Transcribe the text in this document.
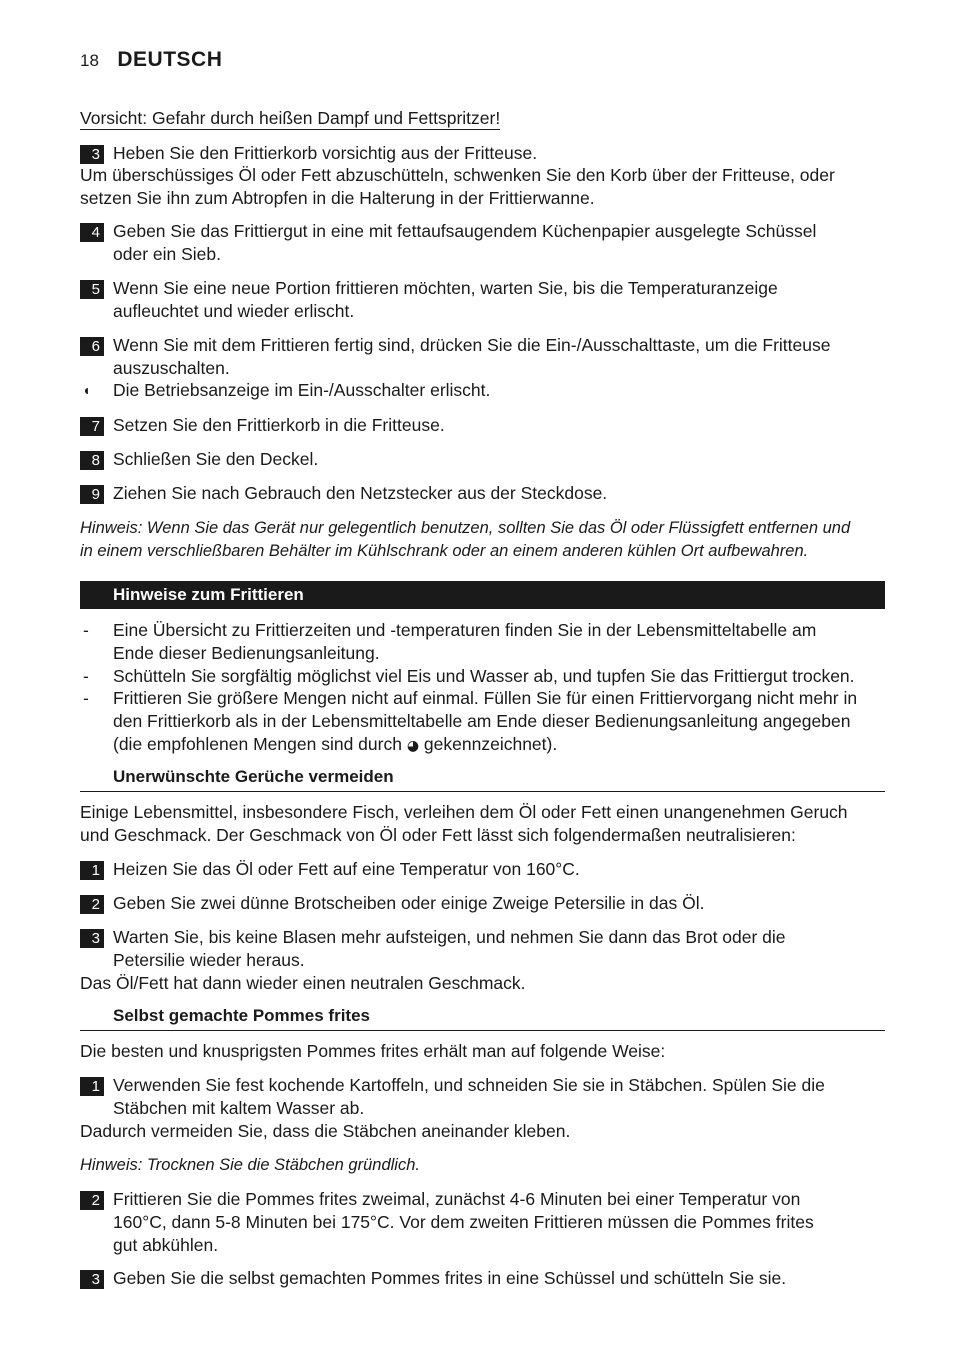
18 DEUTSCH
Vorsicht: Gefahr durch heißen Dampf und Fettspritzer!
3 Heben Sie den Frittierkorb vorsichtig aus der Fritteuse.
Um überschüssiges Öl oder Fett abzuschütteln, schwenken Sie den Korb über der Fritteuse, oder
setzen Sie ihn zum Abtropfen in die Halterung in der Frittierwanne.
4 Geben Sie das Frittiergut in eine mit fettaufsaugendem Küchenpapier ausgelegte Schüssel
oder ein Sieb.
5 Wenn Sie eine neue Portion frittieren möchten, warten Sie, bis die Temperaturanzeige
aufleuchtet und wieder erlischt.
6 Wenn Sie mit dem Frittieren fertig sind, drücken Sie die Ein-/Ausschalttaste, um die Fritteuse
auszuschalten.
◖ Die Betriebsanzeige im Ein-/Ausschalter erlischt.
7 Setzen Sie den Frittierkorb in die Fritteuse.
8 Schließen Sie den Deckel.
9 Ziehen Sie nach Gebrauch den Netzstecker aus der Steckdose.
Hinweis: Wenn Sie das Gerät nur gelegentlich benutzen, sollten Sie das Öl oder Flüssigfett entfernen und
in einem verschließbaren Behälter im Kühlschrank oder an einem anderen kühlen Ort aufbewahren.
Hinweise zum Frittieren
- Eine Übersicht zu Frittierzeiten und -temperaturen finden Sie in der Lebensmitteltabelle am
Ende dieser Bedienungsanleitung.
- Schütteln Sie sorgfältig möglichst viel Eis und Wasser ab, und tupfen Sie das Frittiergut trocken.
- Frittieren Sie größere Mengen nicht auf einmal. Füllen Sie für einen Frittiervorgang nicht mehr in
den Frittierkorb als in der Lebensmitteltabelle am Ende dieser Bedienungsanleitung angegeben
(die empfohlenen Mengen sind durch ◕ gekennzeichnet).
Unerwünschte Gerüche vermeiden
Einige Lebensmittel, insbesondere Fisch, verleihen dem Öl oder Fett einen unangenehmen Geruch
und Geschmack. Der Geschmack von Öl oder Fett lässt sich folgendermaßen neutralisieren:
1 Heizen Sie das Öl oder Fett auf eine Temperatur von 160°C.
2 Geben Sie zwei dünne Brotscheiben oder einige Zweige Petersilie in das Öl.
3 Warten Sie, bis keine Blasen mehr aufsteigen, und nehmen Sie dann das Brot oder die
Petersilie wieder heraus.
Das Öl/Fett hat dann wieder einen neutralen Geschmack.
Selbst gemachte Pommes frites
Die besten und knusprigsten Pommes frites erhält man auf folgende Weise:
1 Verwenden Sie fest kochende Kartoffeln, und schneiden Sie sie in Stäbchen. Spülen Sie die
Stäbchen mit kaltem Wasser ab.
Dadurch vermeiden Sie, dass die Stäbchen aneinander kleben.
Hinweis: Trocknen Sie die Stäbchen gründlich.
2 Frittieren Sie die Pommes frites zweimal, zunächst 4-6 Minuten bei einer Temperatur von
160°C, dann 5-8 Minuten bei 175°C. Vor dem zweiten Frittieren müssen die Pommes frites
gut abkühlen.
3 Geben Sie die selbst gemachten Pommes frites in eine Schüssel und schütteln Sie sie.
